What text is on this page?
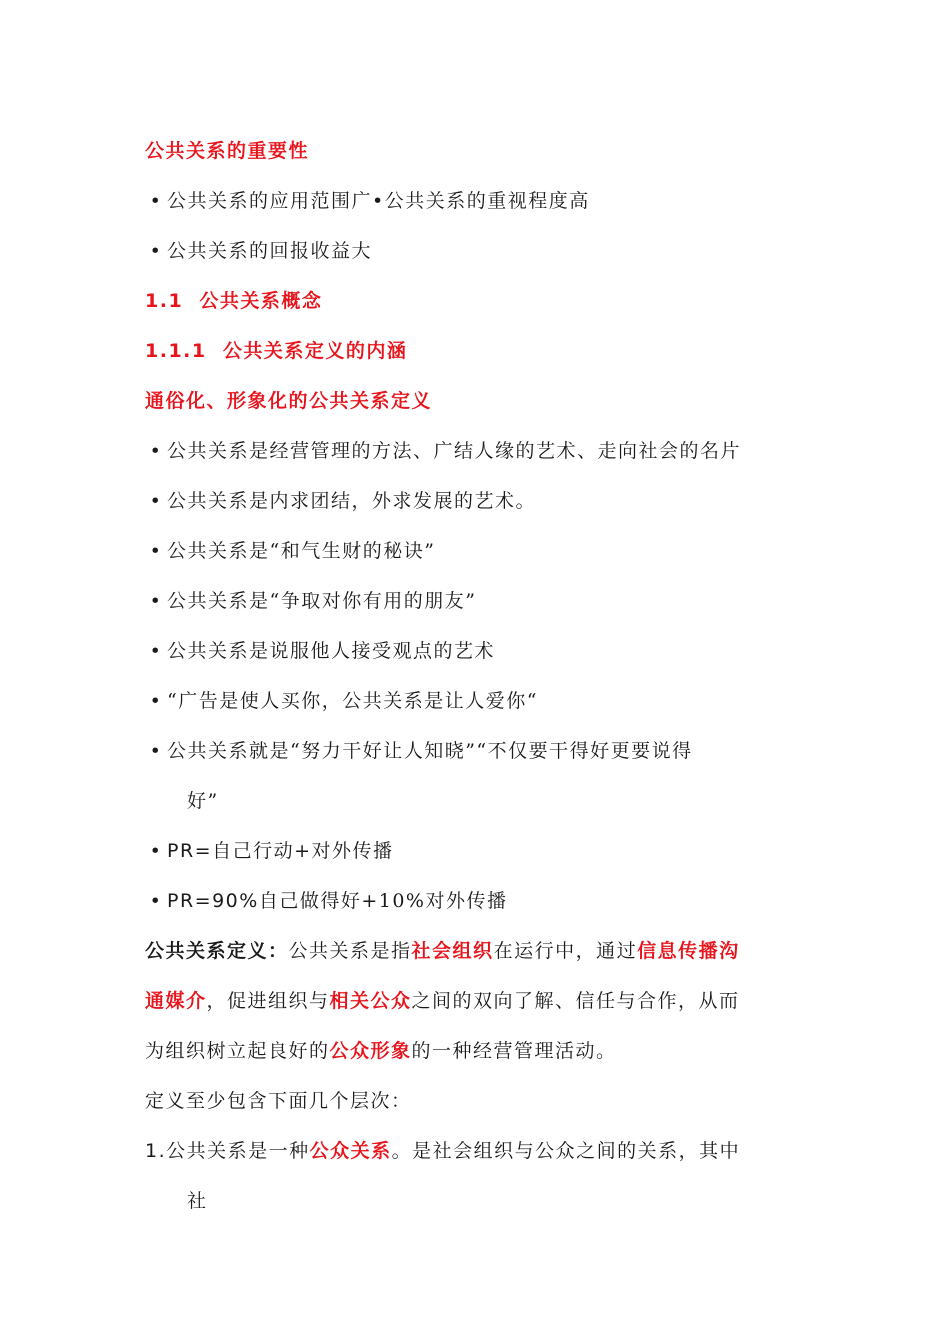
公共关系的重要性
• 公共关系的应用范围广•公共关系的重视程度高
• 公共关系的回报收益大
1.1 公共关系概念
1.1.1 公共关系定义的内涵
通俗化、形象化的公共关系定义
• 公共关系是经营管理的方法、广结人缘的艺术、走向社会的名片
• 公共关系是内求团结，外求发展的艺术。
• 公共关系是“和气生财的秘诀”
• 公共关系是“争取对你有用的朋友”
• 公共关系是说服他人接受观点的艺术
• “广告是使人买你，公共关系是让人爱你“
• 公共关系就是“努力干好让人知晓”“不仅要干得好更要说得
好”
• PR=自己行动+对外传播
• PR=90%自己做得好+10%对外传播
公共关系定义：公共关系是指社会组织在运行中，通过信息传播沟
通媒介，促进组织与相关公众之间的双向了解、信任与合作，从而
为组织树立起良好的公众形象的一种经营管理活动。
定义至少包含下面几个层次：
1.公共关系是一种公众关系。是社会组织与公众之间的关系，其中
社
